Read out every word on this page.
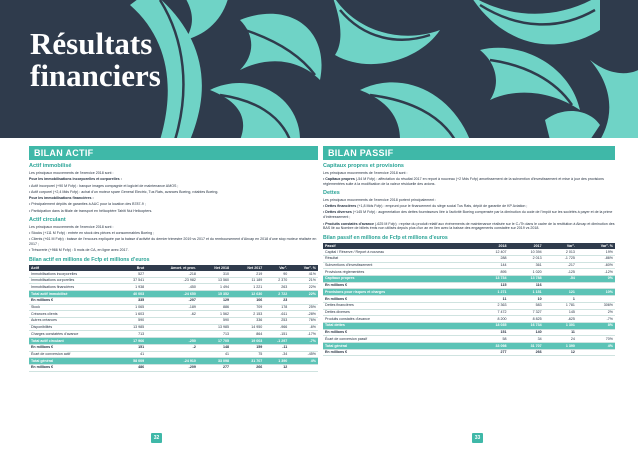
Résultats
financiers
BILAN ACTIF
Actif immobilisé

Les principaux mouvements de l’exercice 2018 sont :

Pour les immobilisations incorporelles et corporelles :

• Actif incorporel (+90 M Fcfp) : banque images compagnie et logiciel de maintenance AMOS ;

• Actif corporel (+2,4 Mds Fcfp) : achat d’un moteur spare General Electric, Tus Rats, avances Boeing, rotables Boeing.

Pour les immobilisations financières :

• Principalement dépôts de garanties à AUC pour la location des B787-9 ;

• Participation dans la filiale de transport en hélicoptère Tahiti Nui Helicopters.

Actif circulant

Les principaux mouvements de l’exercice 2018 sont :

• Stocks (+111 M Fcfp) : entrée en stock des pièces et consommables Boeing ;

• Clients (+61 M Fcfp) : baisse de l’encours expliquée par la baisse d’activité du dernier trimestre 2019 vs 2017 et du remboursement d’Aircap en 2018 d’une stop moteur réalisée en 2017 ;

• Trésorerie (+966 M Fcfp) : 5 mois de CA, en ligne avec 2017.

Bilan actif en millions de Fcfp et millions d’euros
Actif	Brut	Amort. et prov.	Net 2018	Net 2017	Var°.	Var°. %
Immobilisations incorporelles	527	-218	310	219	90	41%
Immobilisations corporelles	37 541	-23 982	13 560	11 189	2 370	21%
Immobilisations financières	1 938	-450	1 494	1 221	263	22%
Total actif immobilisé	40 003	-24 650	15 352	12 630	2 722	22%
En millions €	335	-207	129	106	23	
Stock	1 065	-189	886	709	178	25%
Créances clients	1 603	-62	1 562	2 153	-611	-28%
Autres créances	590		590	336	253	76%
Disponibilités	13 985		13 985	14 950	-966	-6%
Charges constatées d’avance	713		713	864	-151	-17%
Total actif circulant	17 966	-250	17 705	19 003	-1 297	-7%
En millions €	151	-2	148	159	-11	
Écart de conversion actif	41		41	75	-34	-45%
Total général	58 009	-24 910	33 098	31 707	1 390	4%
En millions €	486	-209	277	266	12	
BILAN PASSIF
Capitaux propres et provisions

Les principaux mouvements de l’exercice 2018 sont :

• Capitaux propres (-54 M Fcfp) : affectation du résultat 2017 en report à nouveau (+2 Mds Fcfp) amortissement de la subvention d’investissement et mise à jour des provisions réglementées suite à la modification de la valeur résiduelle des avions.

Dettes

Les principaux mouvements de l’exercice 2018 portent principalement :

• Dettes financières (+1,8 Mds Fcfp) : emprunt pour le financement du siège social Tus Rats, dépôt de garantie de KP Aviation ;

• Dettes diverses (+145 M Fcfp) : augmentation des dettes fournisseurs liée à l’activité Boeing compensée par la diminution du code de l’impôt sur les sociétés à payer et de la prime d’intéressement ;

• Produits constatés d’avance (-625 M Fcfp) : reprise du produit relatif aux événements de maintenance réalisée sur le C-/7h dans le cadre de la restitution à Aircap et diminution des BAS lié au Nombre de billets émis non utilisés depuis plus d’un an en lien avec la baisse des engagements constatée sur 2019 vs 2018.

Bilan passif en millions de Fcfp et millions d’euros
Passif	2018	2017	Var°.	Var°. %
Capital / Réserve / Report à nouveau	12 407	10 394	2 013	19%
Résultat	288	2 013	-1 725	-86%
Subventions d’investissement	144	361	-217	-60%
Provisions réglementées	895	1 020	-125	-12%
Capitaux propres	13 734	13 788	-54	0%
En millions €	115	116		
Provisions pour risques et charges	1 271	1 151	121	10%
En millions €	11	10	1	
Dettes financières	2 363	583	1 781	306%
Dettes diverses	7 472	7 327	145	2%
Produits constatés d’avance	8 200	8 825	-625	-7%
Total dettes	18 035	16 734	1 301	8%
En millions €	151	140	11	
Écart de conversion passif	58	34	24	70%
Total général	33 098	31 707	1 390	4%
En millions €	277	266	12	
32	33
